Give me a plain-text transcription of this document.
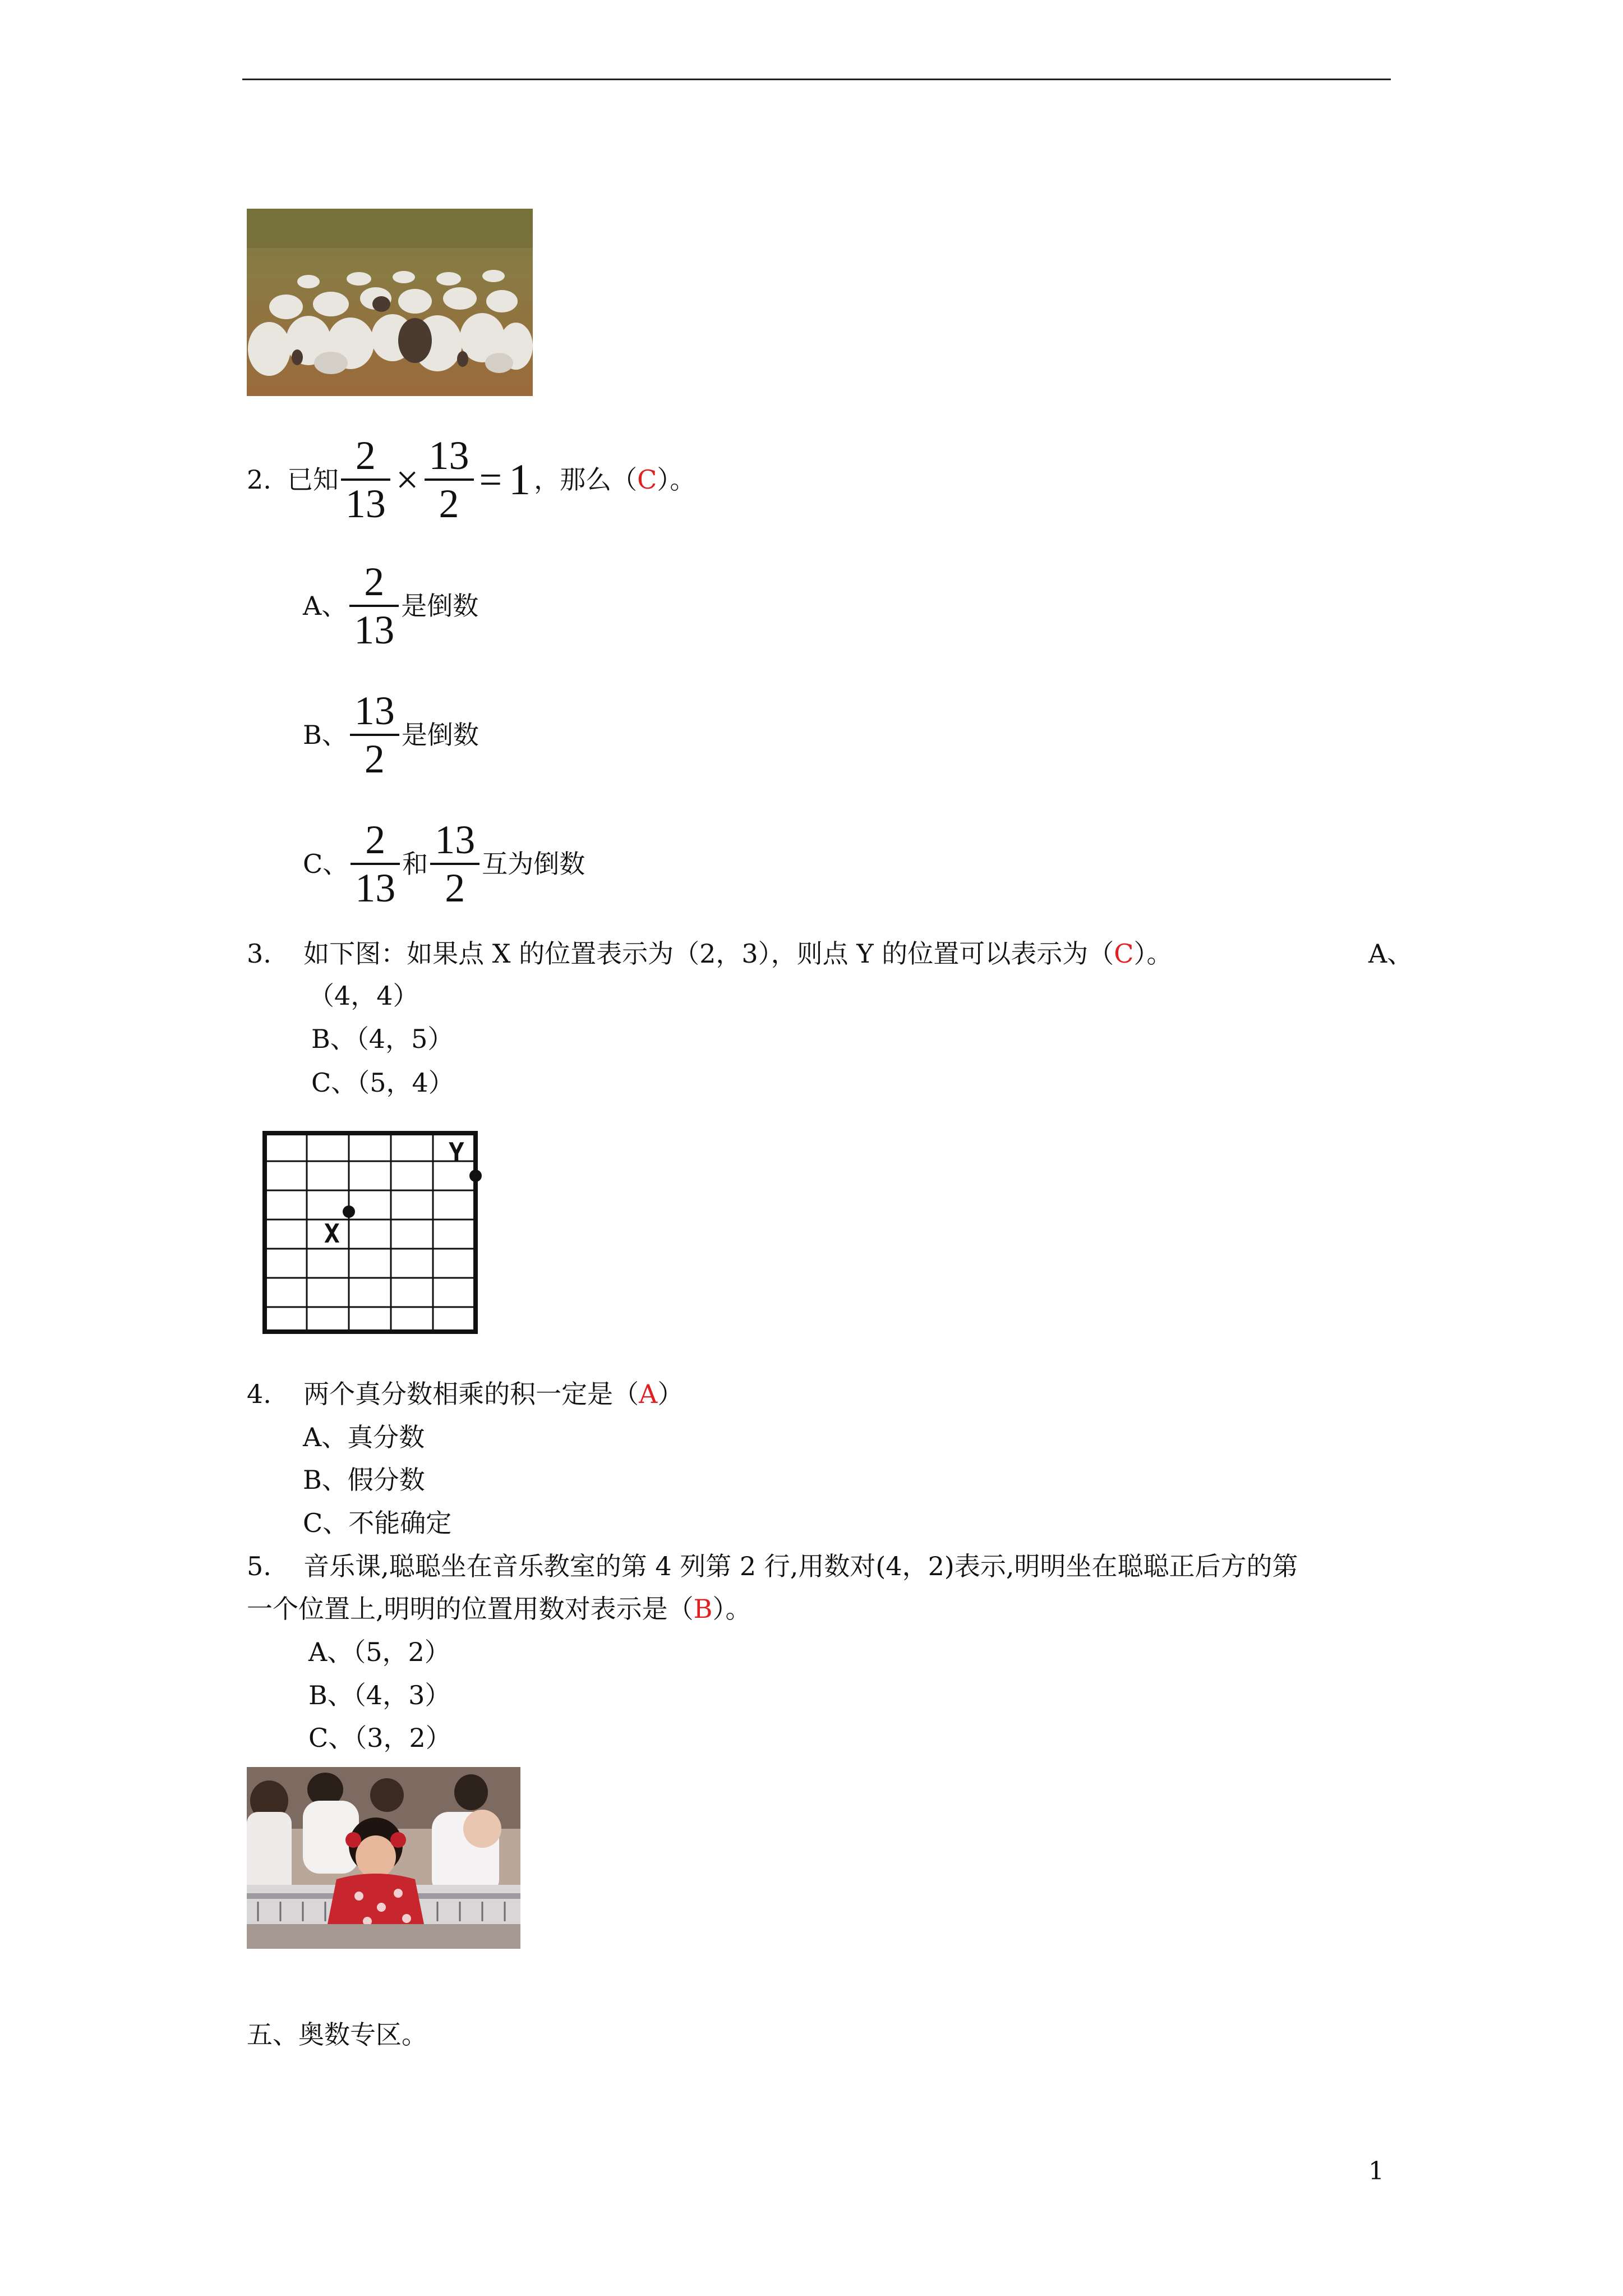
2. 已知 $\frac{2}{13} \times \frac{13}{2} = 1$ ，那么（ C ）。
A、 $\frac{2}{13}$ 是倒数
B、 $\frac{13}{2}$ 是倒数
C、 $\frac{2}{13}$ 和 $\frac{13}{2}$ 互为倒数
3. 如下图：如果点 X 的位置表示为（2，3），则点 Y 的位置可以表示为（C）。	A、
（4，4）
B、（4，5）
C、（5，4）
X
Y
4. 两个真分数相乘的积一定是（A）
A、真分数
B、假分数
C、不能确定
5. 音乐课,聪聪坐在音乐教室的第 4 列第 2 行,用数对(4，2)表示,明明坐在聪聪正后方的第
一个位置上,明明的位置用数对表示是（B）。
A、（5，2）
B、（4，3）
C、（3，2）
五、奥数专区。
1
